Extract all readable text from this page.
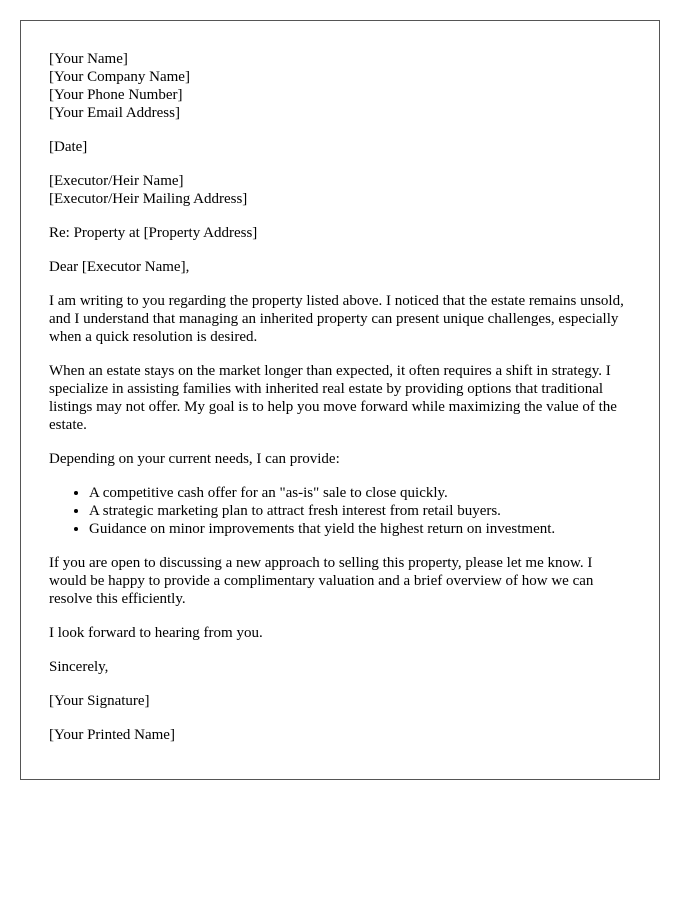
[Your Name]
[Your Company Name]
[Your Phone Number]
[Your Email Address]
[Date]
[Executor/Heir Name]
[Executor/Heir Mailing Address]

Re: Property at [Property Address]

Dear [Executor Name],

I am writing to you regarding the property listed above. I noticed that the estate remains unsold, and I understand that managing an inherited property can present unique challenges, especially when a quick resolution is desired.

When an estate stays on the market longer than expected, it often requires a shift in strategy. I specialize in assisting families with inherited real estate by providing options that traditional listings may not offer. My goal is to help you move forward while maximizing the value of the estate.

Depending on your current needs, I can provide:

• A competitive cash offer for an "as-is" sale to close quickly.
• A strategic marketing plan to attract fresh interest from retail buyers.
• Guidance on minor improvements that yield the highest return on investment.

If you are open to discussing a new approach to selling this property, please let me know. I would be happy to provide a complimentary valuation and a brief overview of how we can resolve this efficiently.

I look forward to hearing from you.

Sincerely,

[Your Signature]

[Your Printed Name]
